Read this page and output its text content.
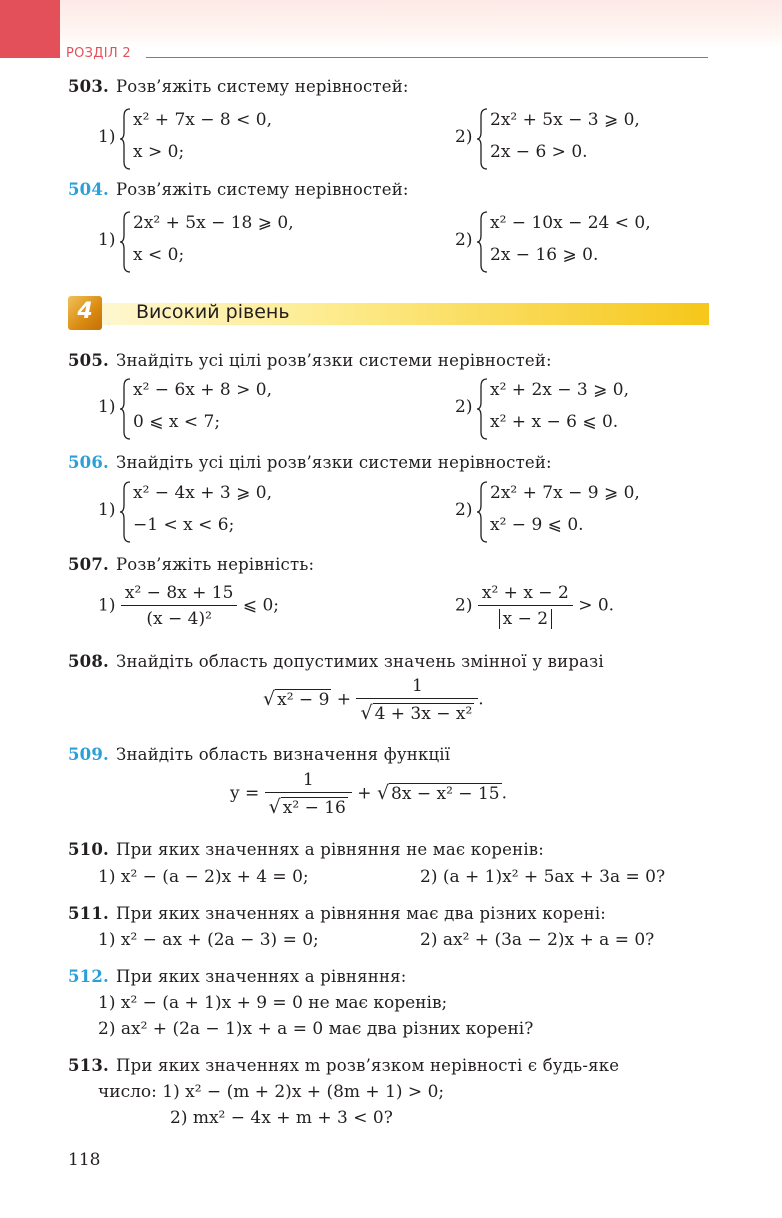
РОЗДІЛ 2
503. Розв’яжіть систему нерівностей:
1)
x² + 7x − 8 < 0,
x > 0;
2)
2x² + 5x − 3 ⩾ 0,
2x − 6 > 0.
504. Розв’яжіть систему нерівностей:
1)
2x² + 5x − 18 ⩾ 0,
x < 0;
2)
x² − 10x − 24 < 0,
2x − 16 ⩾ 0.
4	Високий рівень
505. Знайдіть усі цілі розв’язки системи нерівностей:
1)
x² − 6x + 8 > 0,
0 ⩽ x < 7;
2)
x² + 2x − 3 ⩾ 0,
x² + x − 6 ⩽ 0.
506. Знайдіть усі цілі розв’язки системи нерівностей:
1)
x² − 4x + 3 ⩾ 0,
−1 < x < 6;
2)
2x² + 7x − 9 ⩾ 0,
x² − 9 ⩽ 0.
507. Розв’яжіть нерівність:
$1) \frac{\text{x² − 8x + 15}}{\text{(x − 4)²}}$ ⩽ 0;	$2) \frac{\text{x² + x − 2}}{x - 2} > 0$.
508. Знайдіть область допустимих значень змінної у виразі
√ $x^2 - 9 + \frac{1}{\text{√ 4 + 3x − x²}}$ .
509. Знайдіть область визначення функції
$y = \frac{1}{\text{√ x² − 16}}$ + √ 8x − x² − 15 .
510. При яких значеннях a рівняння не має коренів:
1) x² − (a − 2)x + 4 = 0;	2) (a + 1)x² + 5ax + 3a = 0?
511. При яких значеннях a рівняння має два різних корені:
1) x² − ax + (2a − 3) = 0;	2) ax² + (3a − 2)x + a = 0?
512. При яких значеннях a рівняння:
1) x² − (a + 1)x + 9 = 0 не має коренів;
2) ax² + (2a − 1)x + a = 0 має два різних корені?
513. При яких значеннях m розв’язком нерівності є будь-яке
число: 1) x² − (m + 2)x + (8m + 1) > 0;
2) mx² − 4x + m + 3 < 0?
118
